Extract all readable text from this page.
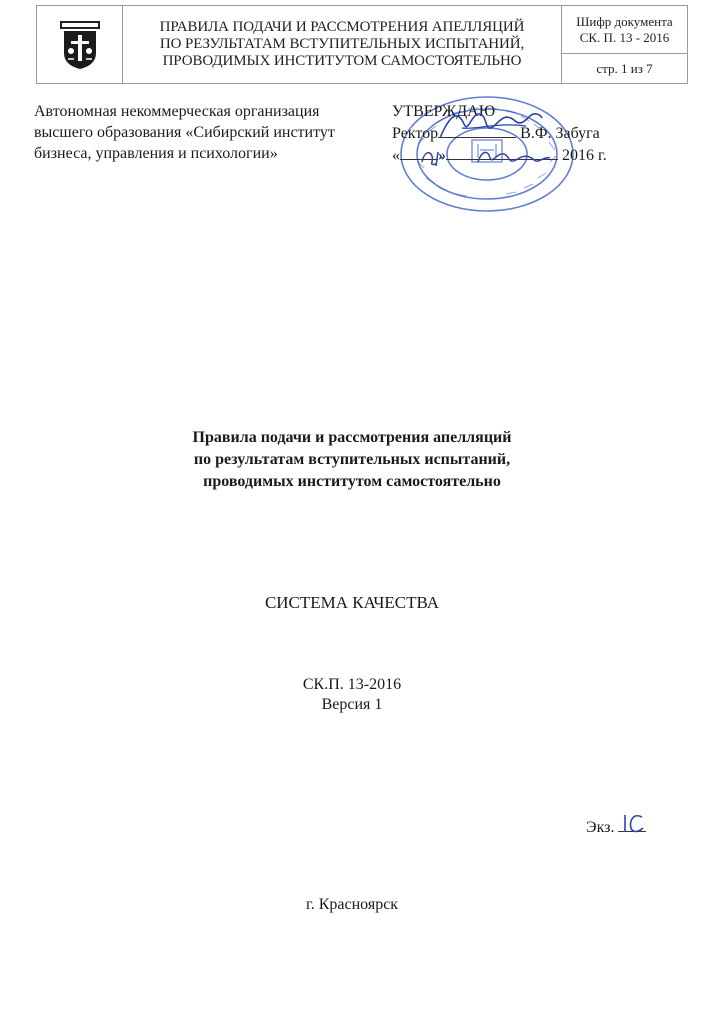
ПРАВИЛА ПОДАЧИ И РАССМОТРЕНИЯ АПЕЛЛЯЦИЙ
ПО РЕЗУЛЬТАТАМ ВСТУПИТЕЛЬНЫХ ИСПЫТАНИЙ,
ПРОВОДИМЫХ ИНСТИТУТОМ САМОСТОЯТЕЛЬНО

Шифр документа
СК. П. 13 - 2016

стр. 1 из 7
Автономная некоммерческая организация
высшего образования «Сибирский институт
бизнеса, управления и психологии»
УТВЕРЖДАЮ
Ректор	В.Ф. Забуга
« »	2016 г.
Правила подачи и рассмотрения апелляций
по результатам вступительных испытаний,
проводимых институтом самостоятельно
СИСТЕМА КАЧЕСТВА
СК.П. 13-2016
Версия 1
Экз.
г. Красноярск
